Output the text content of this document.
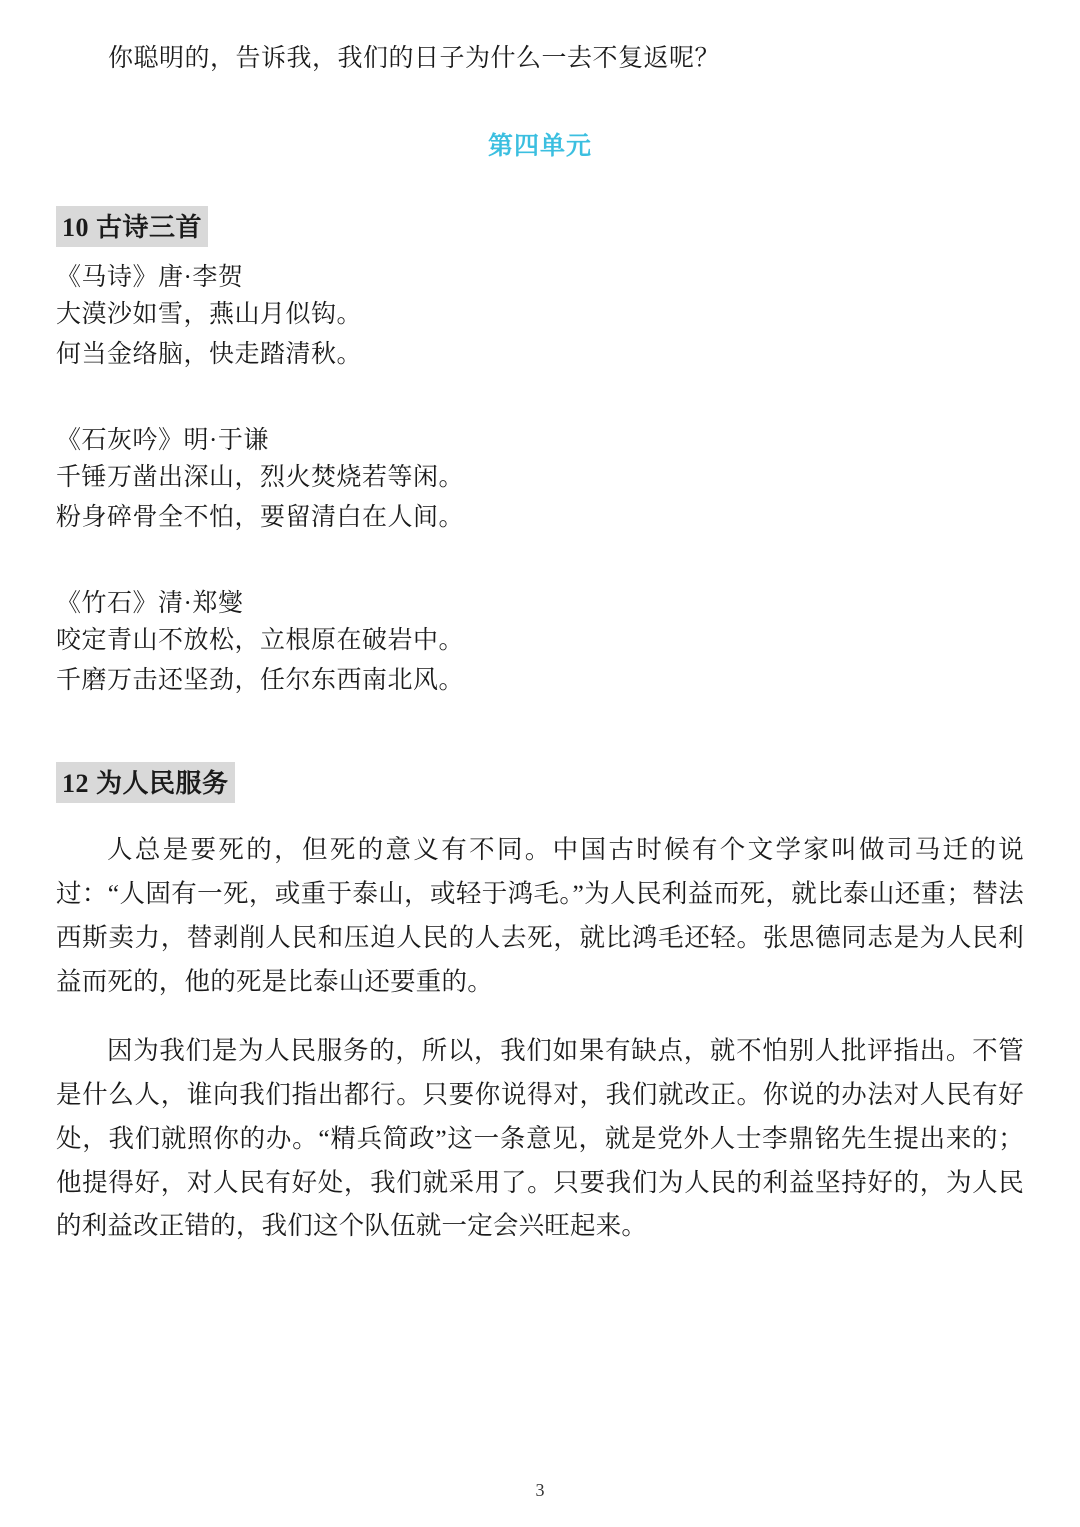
你聪明的，告诉我，我们的日子为什么一去不复返呢？
第四单元
10 古诗三首
《马诗》唐·李贺
大漠沙如雪，燕山月似钩。
何当金络脑，快走踏清秋。
《石灰吟》明·于谦
千锤万凿出深山，烈火焚烧若等闲。
粉身碎骨全不怕，要留清白在人间。
《竹石》清·郑燮
咬定青山不放松，立根原在破岩中。
千磨万击还坚劲，任尔东西南北风。
12 为人民服务

人总是要死的，但死的意义有不同。中国古时候有个文学家叫做司马迁的说过：“人固有一死，或重于泰山，或轻于鸿毛。”为人民利益而死，就比泰山还重；替法西斯卖力，替剥削人民和压迫人民的人去死，就比鸿毛还轻。张思德同志是为人民利益而死的，他的死是比泰山还要重的。

因为我们是为人民服务的，所以，我们如果有缺点，就不怕别人批评指出。不管是什么人，谁向我们指出都行。只要你说得对，我们就改正。你说的办法对人民有好处，我们就照你的办。“精兵简政”这一条意见，就是党外人士李鼎铭先生提出来的；他提得好，对人民有好处，我们就采用了。只要我们为人民的利益坚持好的，为人民的利益改正错的，我们这个队伍就一定会兴旺起来。

3
